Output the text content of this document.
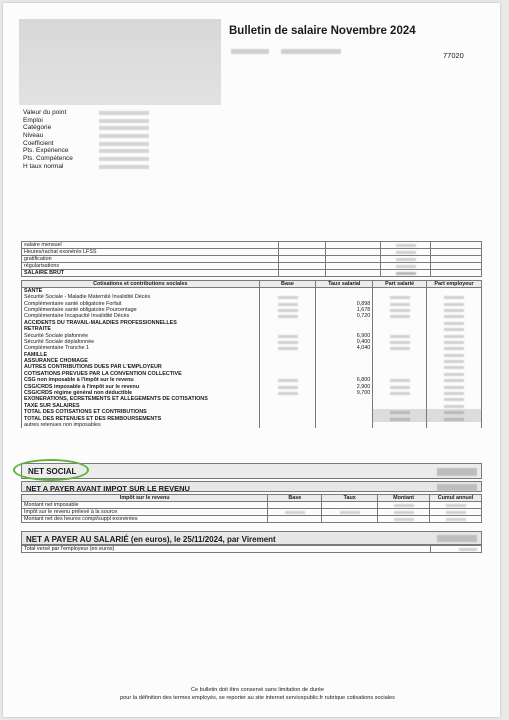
Bulletin de salaire Novembre 2024

77020
Valeur du point
Emploi
Catégorie
Niveau
Coefficient
Pts. Expérience
Pts. Compétence
H taux normal
salaire mensuel			

Heures/rachat exonérés LFSS			

gratification			

régularisations			

SALAIRE BRUT			

Cotisations et contributions sociales	Base	Taux salarial	Part salarié	Part employeur
SANTE				
Sécurité Sociale - Maladie Maternité Invalidité Décès	

Complémentaire santé obligatoire Forfait		0,898	

Complémentaire santé obligatoire Pourcentage		1,678	

Complémentaire Incapacité Invalidité Décès		0,720	

ACCIDENTS DU TRAVAIL-MALADIES PROFESSIONNELLES				

RETRAITE				

Sécurité Sociale plafonnée		6,900	

Sécurité Sociale déplafonnée		0,400	

Complémentaire Tranche 1		4,040	

FAMILLE				

ASSURANCE CHÔMAGE				

AUTRES CONTRIBUTIONS DUES PAR L'EMPLOYEUR				

COTISATIONS PREVUES PAR LA CONVENTION COLLECTIVE				

CSG non imposable à l'impôt sur le revenu		6,800	

CSG/CRDS imposable à l'impôt sur le revenu		2,900	

CSG/CRDS régime général non déductible		9,700	

EXONERATIONS, ECRETEMENTS ET ALLEGEMENTS DE COTISATIONS				

TAXE SUR SALAIRES				

TOTAL DES COTISATIONS ET CONTRIBUTIONS			

TOTAL DES RETENUES ET DES REMBOURSEMENTS			

autres retenues non imposables				
NET SOCIAL
NET A PAYER AVANT IMPOT SUR LE REVENU
Impôt sur le revenu	Base	Taux	Montant	Cumul annuel
Montant net imposable			

Impôt sur le revenu prélevé à la source	

Montant net des heures compl/suppl exonérées			

NET A PAYER AU SALARIÉ (en euros), le 25/11/2024, par Virement
Total versé par l'employeur (en euros)	
Ce bulletin doit être conservé sans limitation de durée
pour la définition des termes employés, se reporter au site internet servicepublic.fr rubrique cotisations sociales
